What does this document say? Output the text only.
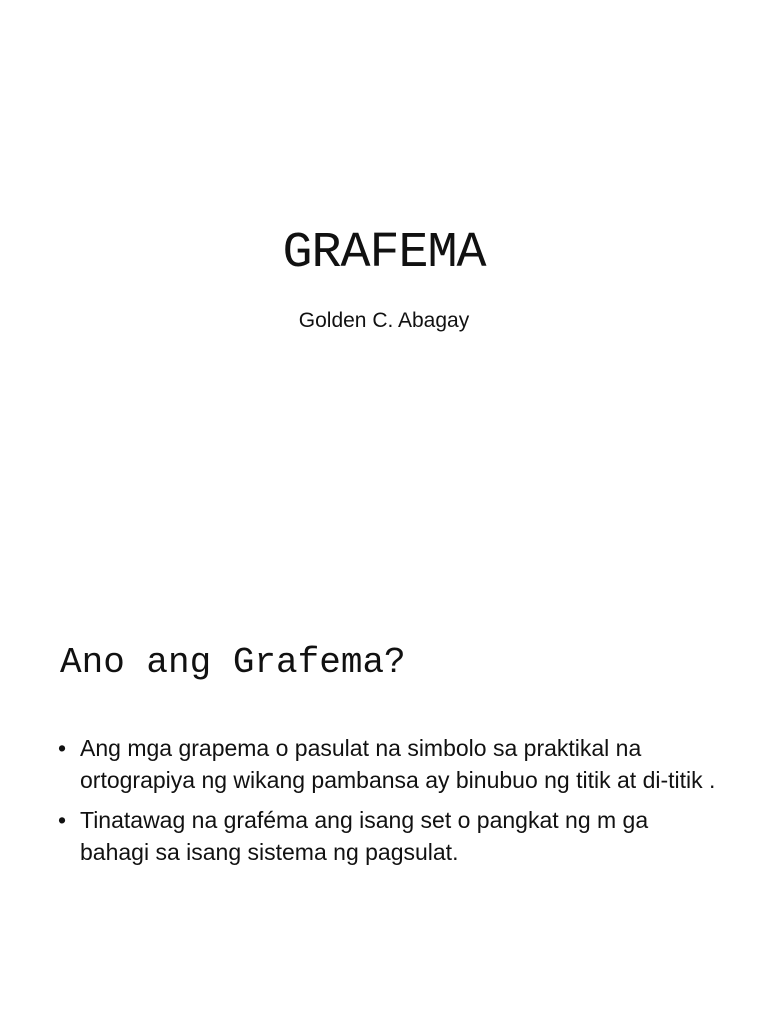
GRAFEMA
Golden C. Abagay
Ano ang Grafema?
• Ang mga grapema o pasulat na simbolo sa praktikal na ortograpiya ng wikang pambansa ay binubuo ng titik at di-titik .
• Tinatawag na graféma ang isang set o pangkat ng m ga bahagi sa isang sistema ng pagsulat.
